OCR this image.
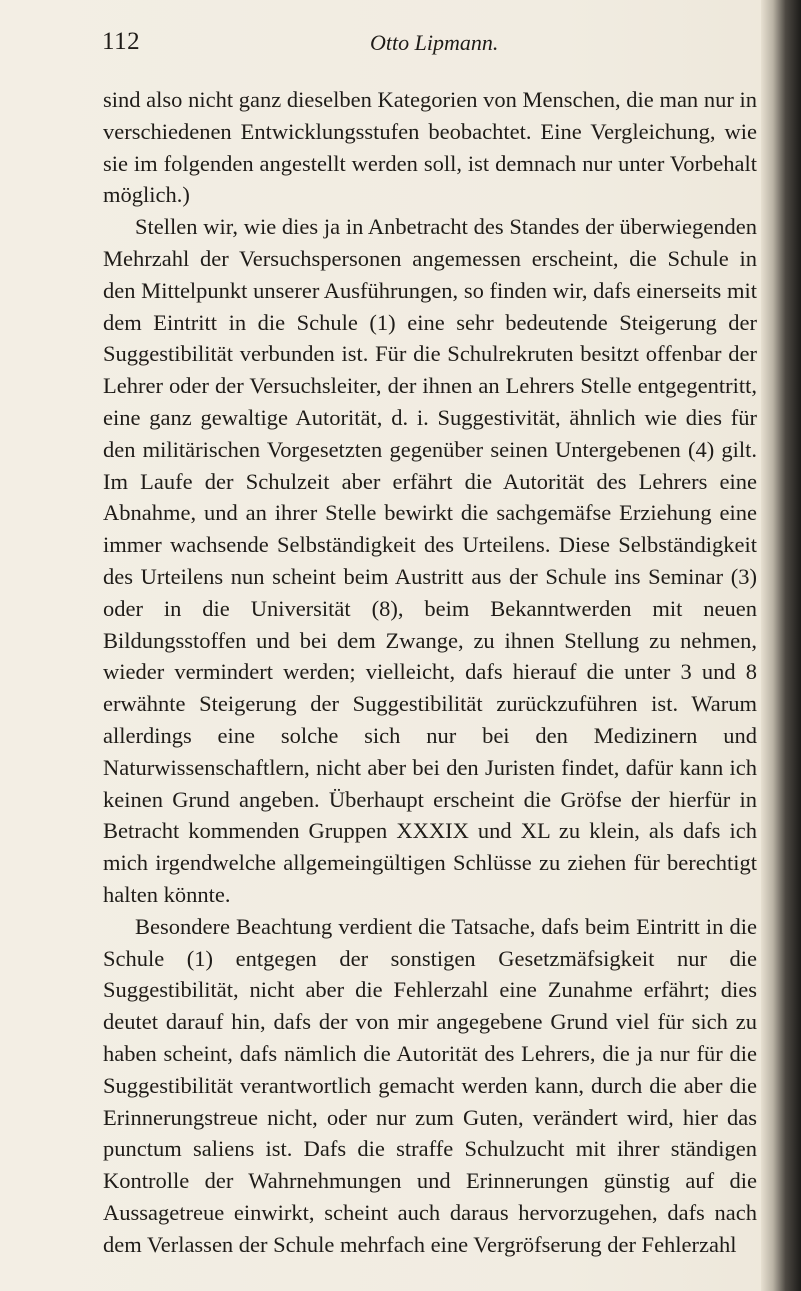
112	Otto Lipmann.

sind also nicht ganz dieselben Kategorien von Menschen, die man nur in verschiedenen Entwicklungsstufen beobachtet. Eine Vergleichung, wie sie im folgenden angestellt werden soll, ist demnach nur unter Vorbehalt möglich.)

Stellen wir, wie dies ja in Anbetracht des Standes der überwiegenden Mehrzahl der Versuchspersonen angemessen erscheint, die Schule in den Mittelpunkt unserer Ausführungen, so finden wir, dafs einerseits mit dem Eintritt in die Schule (1) eine sehr bedeutende Steigerung der Suggestibilität verbunden ist. Für die Schulrekruten besitzt offenbar der Lehrer oder der Versuchsleiter, der ihnen an Lehrers Stelle entgegentritt, eine ganz gewaltige Autorität, d. i. Suggestivität, ähnlich wie dies für den militärischen Vorgesetzten gegenüber seinen Untergebenen (4) gilt. Im Laufe der Schulzeit aber erfährt die Autorität des Lehrers eine Abnahme, und an ihrer Stelle bewirkt die sachgemäfse Erziehung eine immer wachsende Selbständigkeit des Urteilens. Diese Selbständigkeit des Urteilens nun scheint beim Austritt aus der Schule ins Seminar (3) oder in die Universität (8), beim Bekanntwerden mit neuen Bildungsstoffen und bei dem Zwange, zu ihnen Stellung zu nehmen, wieder vermindert werden; vielleicht, dafs hierauf die unter 3 und 8 erwähnte Steigerung der Suggestibilität zurückzuführen ist. Warum allerdings eine solche sich nur bei den Medizinern und Naturwissenschaftlern, nicht aber bei den Juristen findet, dafür kann ich keinen Grund angeben. Überhaupt erscheint die Gröfse der hierfür in Betracht kommenden Gruppen XXXIX und XL zu klein, als dafs ich mich irgendwelche allgemeingültigen Schlüsse zu ziehen für berechtigt halten könnte.

Besondere Beachtung verdient die Tatsache, dafs beim Eintritt in die Schule (1) entgegen der sonstigen Gesetzmäfsigkeit nur die Suggestibilität, nicht aber die Fehlerzahl eine Zunahme erfährt; dies deutet darauf hin, dafs der von mir angegebene Grund viel für sich zu haben scheint, dafs nämlich die Autorität des Lehrers, die ja nur für die Suggestibilität verantwortlich gemacht werden kann, durch die aber die Erinnerungstreue nicht, oder nur zum Guten, verändert wird, hier das punctum saliens ist. Dafs die straffe Schulzucht mit ihrer ständigen Kontrolle der Wahrnehmungen und Erinnerungen günstig auf die Aussagetreue einwirkt, scheint auch daraus hervorzugehen, dafs nach dem Verlassen der Schule mehrfach eine Vergröfserung der Fehlerzahl
